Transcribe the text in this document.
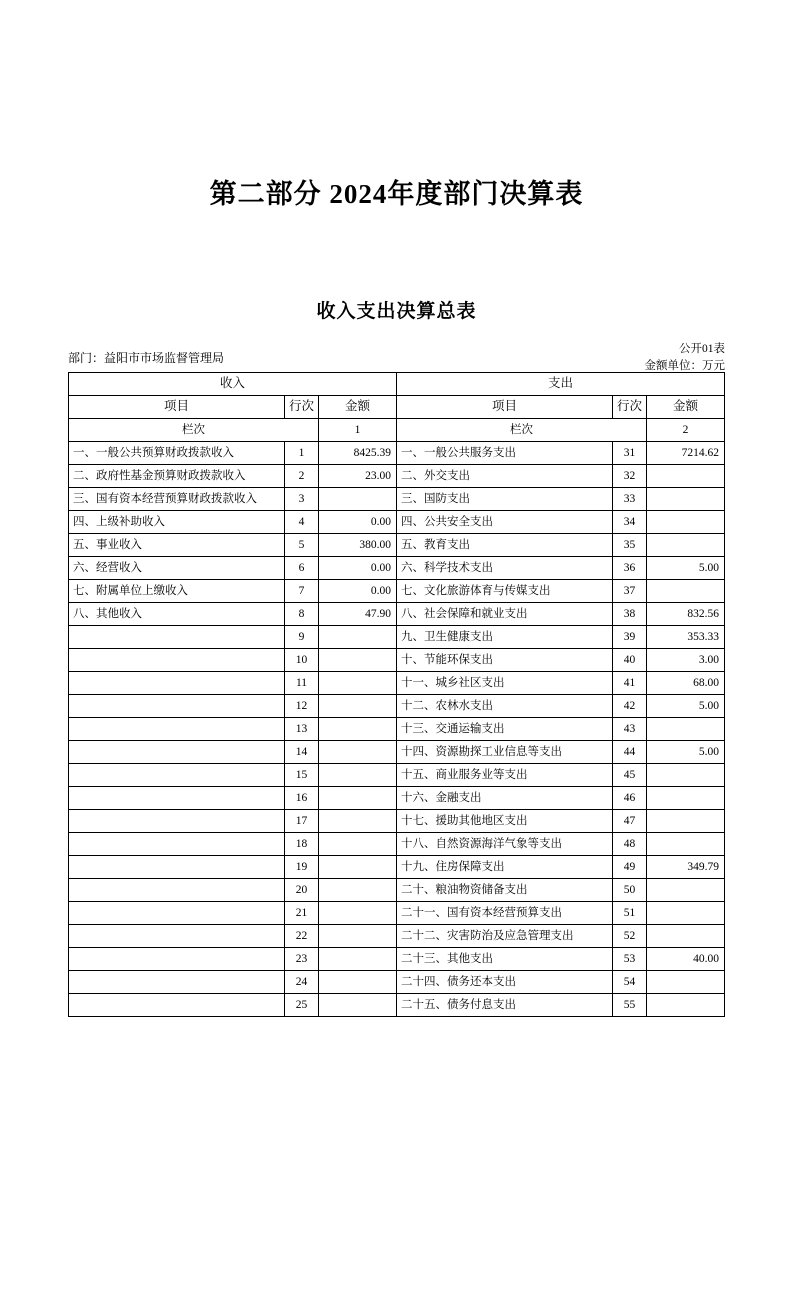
第二部分 2024年度部门决算表
收入支出决算总表
公开01表
金额单位：万元
部门：益阳市市场监督管理局
收入			支出		
项目	行次	金额	项目	行次	金额
栏次		1	栏次		2
一、一般公共预算财政拨款收入	1	8425.39	一、一般公共服务支出	31	7214.62
二、政府性基金预算财政拨款收入	2	23.00	二、外交支出	32	
三、国有资本经营预算财政拨款收入	3		三、国防支出	33	
四、上级补助收入	4	0.00	四、公共安全支出	34	
五、事业收入	5	380.00	五、教育支出	35	
六、经营收入	6	0.00	六、科学技术支出	36	5.00
七、附属单位上缴收入	7	0.00	七、文化旅游体育与传媒支出	37	
八、其他收入	8	47.90	八、社会保障和就业支出	38	832.56
	9		九、卫生健康支出	39	353.33
	10		十、节能环保支出	40	3.00
	11		十一、城乡社区支出	41	68.00
	12		十二、农林水支出	42	5.00
	13		十三、交通运输支出	43	
	14		十四、资源勘探工业信息等支出	44	5.00
	15		十五、商业服务业等支出	45	
	16		十六、金融支出	46	
	17		十七、援助其他地区支出	47	
	18		十八、自然资源海洋气象等支出	48	
	19		十九、住房保障支出	49	349.79
	20		二十、粮油物资储备支出	50	
	21		二十一、国有资本经营预算支出	51	
	22		二十二、灾害防治及应急管理支出	52	
	23		二十三、其他支出	53	40.00
	24		二十四、债务还本支出	54	
	25		二十五、债务付息支出	55	
